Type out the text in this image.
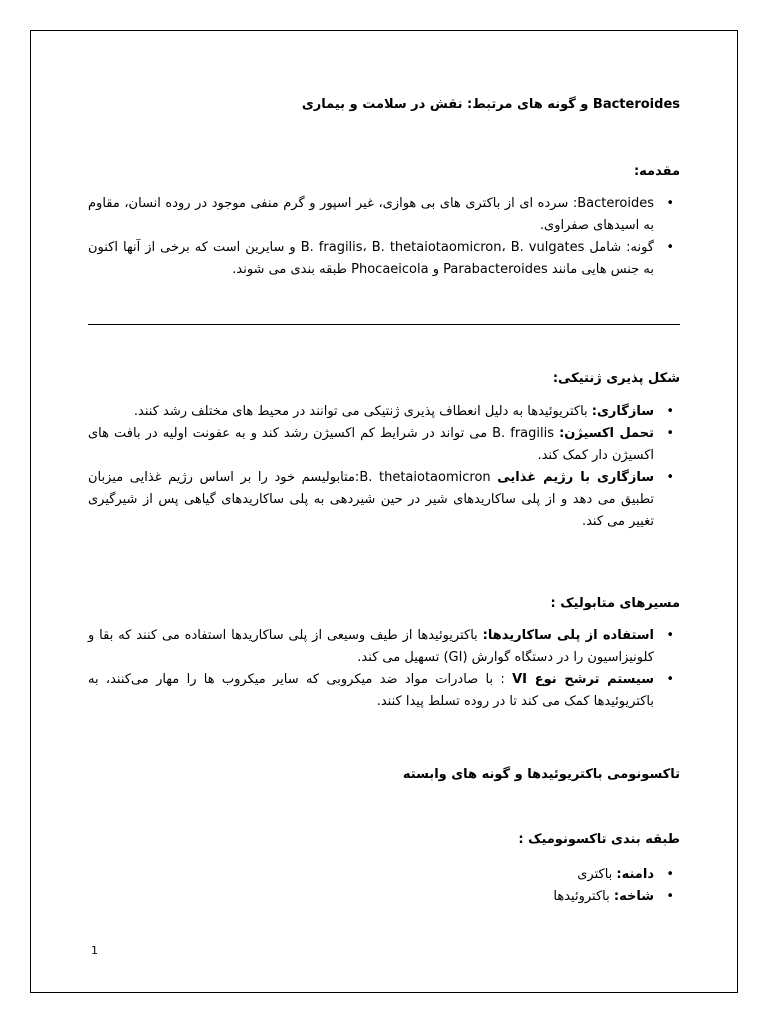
Bacteroides و گونه های مرتبط: نقش در سلامت و بیماری
مقدمه:
• Bacteroides: سرده ای از باکتری های بی هوازی، غیر اسپور و گرم منفی موجود در روده انسان، مقاوم به اسیدهای صفراوی.
• گونه: شامل B. fragilis، B. thetaiotaomicron، B. vulgates و سایرین است که برخی از آنها اکنون به جنس هایی مانند Parabacteroides و Phocaeicola طبقه بندی می شوند.
شکل پذیری ژنتیکی:
• سازگاری: باکتریوئیدها به دلیل انعطاف پذیری ژنتیکی می توانند در محیط های مختلف رشد کنند.
• تحمل اکسیژن: B. fragilis می تواند در شرایط کم اکسیژن رشد کند و به عفونت اولیه در بافت های اکسیژن دار کمک کند.
• سازگاری با رژیم غذایی B. thetaiotaomicron:متابولیسم خود را بر اساس رژیم غذایی میزبان تطبیق می دهد و از پلی ساکاریدهای شیر در حین شیردهی به پلی ساکاریدهای گیاهی پس از شیرگیری تغییر می کند.
مسیرهای متابولیک :
• استفاده از پلی ساکاریدها: باکتریوئیدها از طیف وسیعی از پلی ساکاریدها استفاده می کنند که بقا و کلونیزاسیون را در دستگاه گوارش (GI) تسهیل می کند.
• سیستم ترشح نوع VI : با صادرات مواد ضد میکروبی که سایر میکروب ها را مهار می‌کنند، به باکتریوئیدها کمک می کند تا در روده تسلط پیدا کنند.
تاکسونومی باکتریوئیدها و گونه های وابسته
طبقه بندی تاکسونومیک :
• دامنه: باکتری
• شاخه: باکتروئیدها
1
